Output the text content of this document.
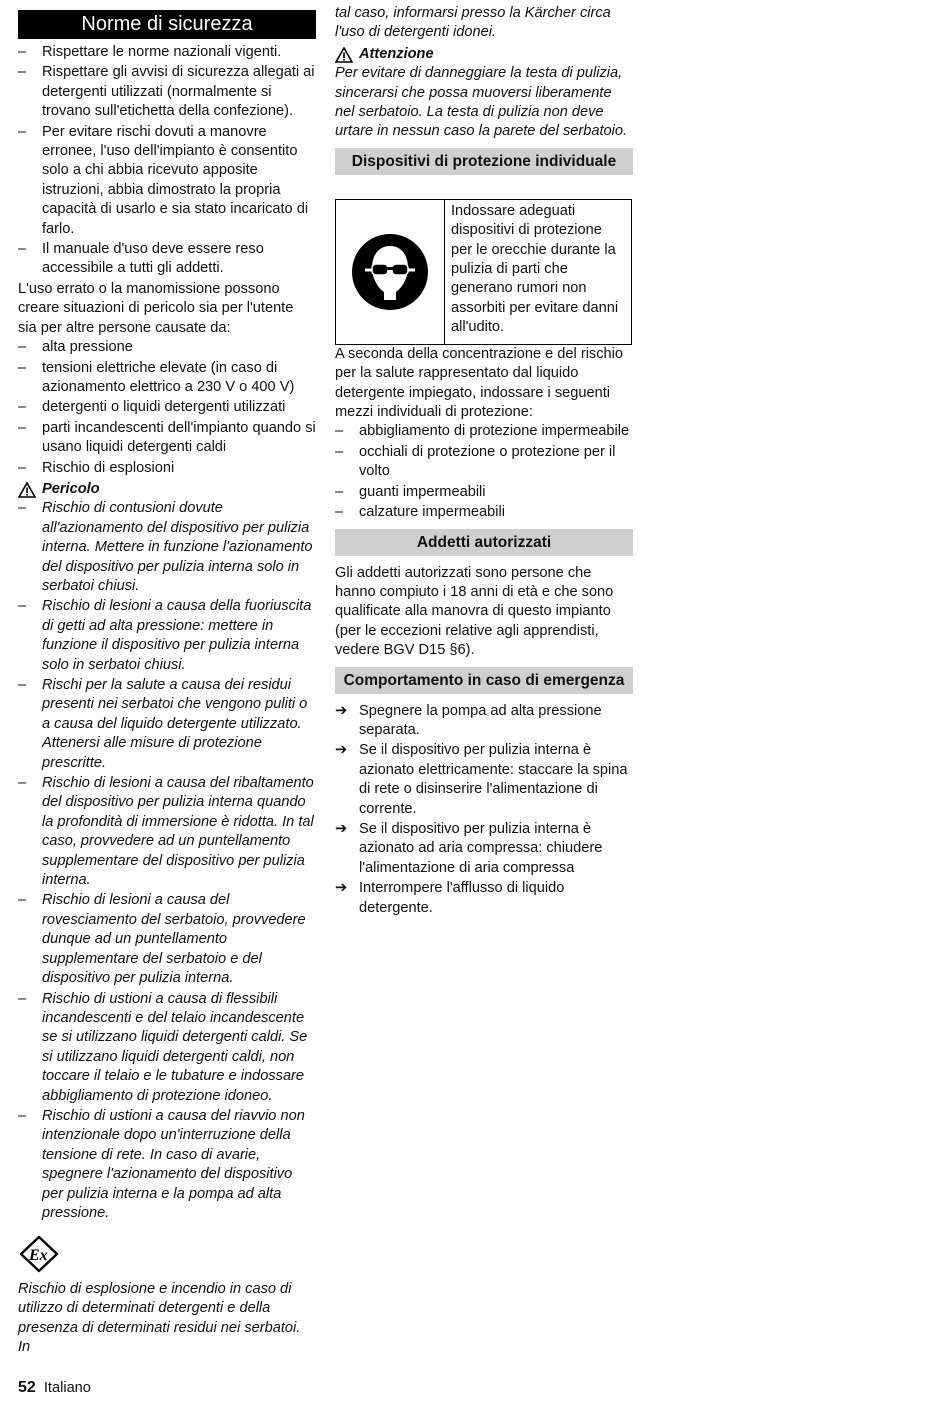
Norme di sicurezza
– Rispettare le norme nazionali vigenti.
– Rispettare gli avvisi di sicurezza allegati ai detergenti utilizzati (normalmente si trovano sull'etichetta della confezione).
– Per evitare rischi dovuti a manovre erronee, l'uso dell'impianto è consentito solo a chi abbia ricevuto apposite istruzioni, abbia dimostrato la propria capacità di usarlo e sia stato incaricato di farlo.
– Il manuale d'uso deve essere reso accessibile a tutti gli addetti.

L'uso errato o la manomissione possono creare situazioni di pericolo sia per l'utente sia per altre persone causate da:

– alta pressione
– tensioni elettriche elevate (in caso di azionamento elettrico a 230 V o 400 V)
– detergenti o liquidi detergenti utilizzati
– parti incandescenti dell'impianto quando si usano liquidi detergenti caldi
– Rischio di esplosioni
Pericolo
– Rischio di contusioni dovute all'azionamento del dispositivo per pulizia interna. Mettere in funzione l'azionamento del dispositivo per pulizia interna solo in serbatoi chiusi.
– Rischio di lesioni a causa della fuoriuscita di getti ad alta pressione: mettere in funzione il dispositivo per pulizia interna solo in serbatoi chiusi.
– Rischi per la salute a causa dei residui presenti nei serbatoi che vengono puliti o a causa del liquido detergente utilizzato. Attenersi alle misure di protezione prescritte.
– Rischio di lesioni a causa del ribaltamento del dispositivo per pulizia interna quando la profondità di immersione è ridotta. In tal caso, provvedere ad un puntellamento supplementare del dispositivo per pulizia interna.
– Rischio di lesioni a causa del rovesciamento del serbatoio, provvedere dunque ad un puntellamento supplementare del serbatoio e del dispositivo per pulizia interna.
– Rischio di ustioni a causa di flessibili incandescenti e del telaio incandescente se si utilizzano liquidi detergenti caldi. Se si utilizzano liquidi detergenti caldi, non toccare il telaio e le tubature e indossare abbigliamento di protezione idoneo.
– Rischio di ustioni a causa del riavvio non intenzionale dopo un'interruzione della tensione di rete. In caso di avarie, spegnere l'azionamento del dispositivo per pulizia interna e la pompa ad alta pressione.
Ex

Rischio di esplosione e incendio in caso di utilizzo di determinati detergenti e della presenza di determinati residui nei serbatoi. In

tal caso, informarsi presso la Kärcher circa l'uso di detergenti idonei.

Attenzione

Per evitare di danneggiare la testa di pulizia, sincerarsi che possa muoversi liberamente nel serbatoio. La testa di pulizia non deve urtare in nessun caso la parete del serbatoio.

Dispositivi di protezione individuale
Indossare adeguati dispositivi di protezione per le orecchie durante la pulizia di parti che generano rumori non assorbiti per evitare danni all'udito.

A seconda della concentrazione e del rischio per la salute rappresentato dal liquido detergente impiegato, indossare i seguenti mezzi individuali di protezione:

– abbigliamento di protezione impermeabile
– occhiali di protezione o protezione per il volto
– guanti impermeabili
– calzature impermeabili
Addetti autorizzati

Gli addetti autorizzati sono persone che hanno compiuto i 18 anni di età e che sono qualificate alla manovra di questo impianto (per le eccezioni relative agli apprendisti, vedere BGV D15 §6).

Comportamento in caso di emergenza
➔ Spegnere la pompa ad alta pressione separata.
➔ Se il dispositivo per pulizia interna è azionato elettricamente: staccare la spina di rete o disinserire l'alimentazione di corrente.
➔ Se il dispositivo per pulizia interna è azionato ad aria compressa: chiudere l'alimentazione di aria compressa
➔ Interrompere l'afflusso di liquido detergente.
52 Italiano
